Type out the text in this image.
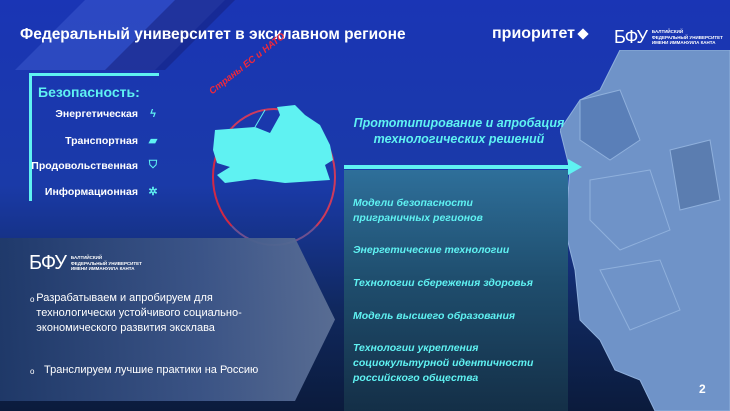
Федеральный университет в эксклавном регионе	приоритет	БФУ БАЛТИЙСКИЙ
ФЕДЕРАЛЬНЫЙ УНИВЕРСИТЕТ
ИМЕНИ ИММАНУИЛА КАНТА
Безопасность:
Энергетическая	ϟ
Транспортная ▰
Продовольственная ⛉
Информационная ✲
Страны ЕС и НАТО
Прототипирование и апробация технологических решений
Модели безопасности приграничных регионов
Энергетические технологии
Технологии сбережения здоровья
Модель высшего образования
Технологии укрепления социокультурной идентичности российского общества
БФУ БАЛТИЙСКИЙ
ФЕДЕРАЛЬНЫЙ УНИВЕРСИТЕТ
ИМЕНИ ИММАНУИЛА КАНТА
o Разрабатываем и апробируем для технологически устойчивого социально-экономического развития эксклава
o Транслируем лучшие практики на Россию
2
